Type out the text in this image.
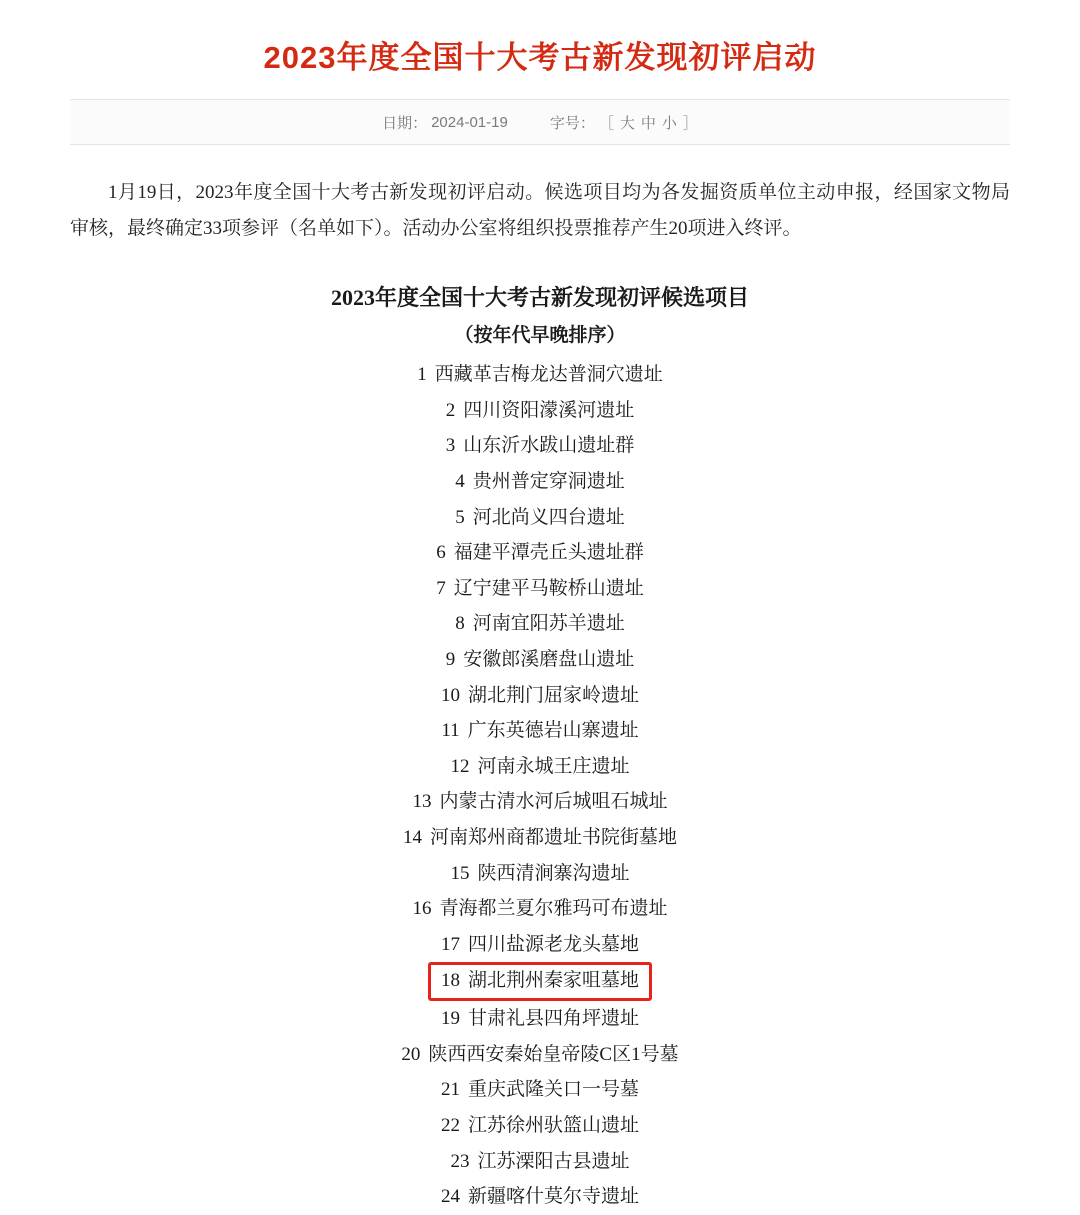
2023年度全国十大考古新发现初评启动
日期： 2024-01-19	字号： ［ 大 中 小 ］

1月19日，2023年度全国十大考古新发现初评启动。候选项目均为各发掘资质单位主动申报，经国家文物局审核，最终确定33项参评（名单如下）。活动办公室将组织投票推荐产生20项进入终评。

2023年度全国十大考古新发现初评候选项目
（按年代早晚排序）
1 西藏革吉梅龙达普洞穴遗址
2 四川资阳濛溪河遗址
3 山东沂水跋山遗址群
4 贵州普定穿洞遗址
5 河北尚义四台遗址
6 福建平潭壳丘头遗址群
7 辽宁建平马鞍桥山遗址
8 河南宜阳苏羊遗址
9 安徽郎溪磨盘山遗址
10 湖北荆门屈家岭遗址
11 广东英德岩山寨遗址
12 河南永城王庄遗址
13 内蒙古清水河后城咀石城址
14 河南郑州商都遗址书院街墓地
15 陕西清涧寨沟遗址
16 青海都兰夏尔雅玛可布遗址
17 四川盐源老龙头墓地
18 湖北荆州秦家咀墓地
19 甘肃礼县四角坪遗址
20 陕西西安秦始皇帝陵C区1号墓
21 重庆武隆关口一号墓
22 江苏徐州驮篮山遗址
23 江苏溧阳古县遗址
24 新疆喀什莫尔寺遗址
